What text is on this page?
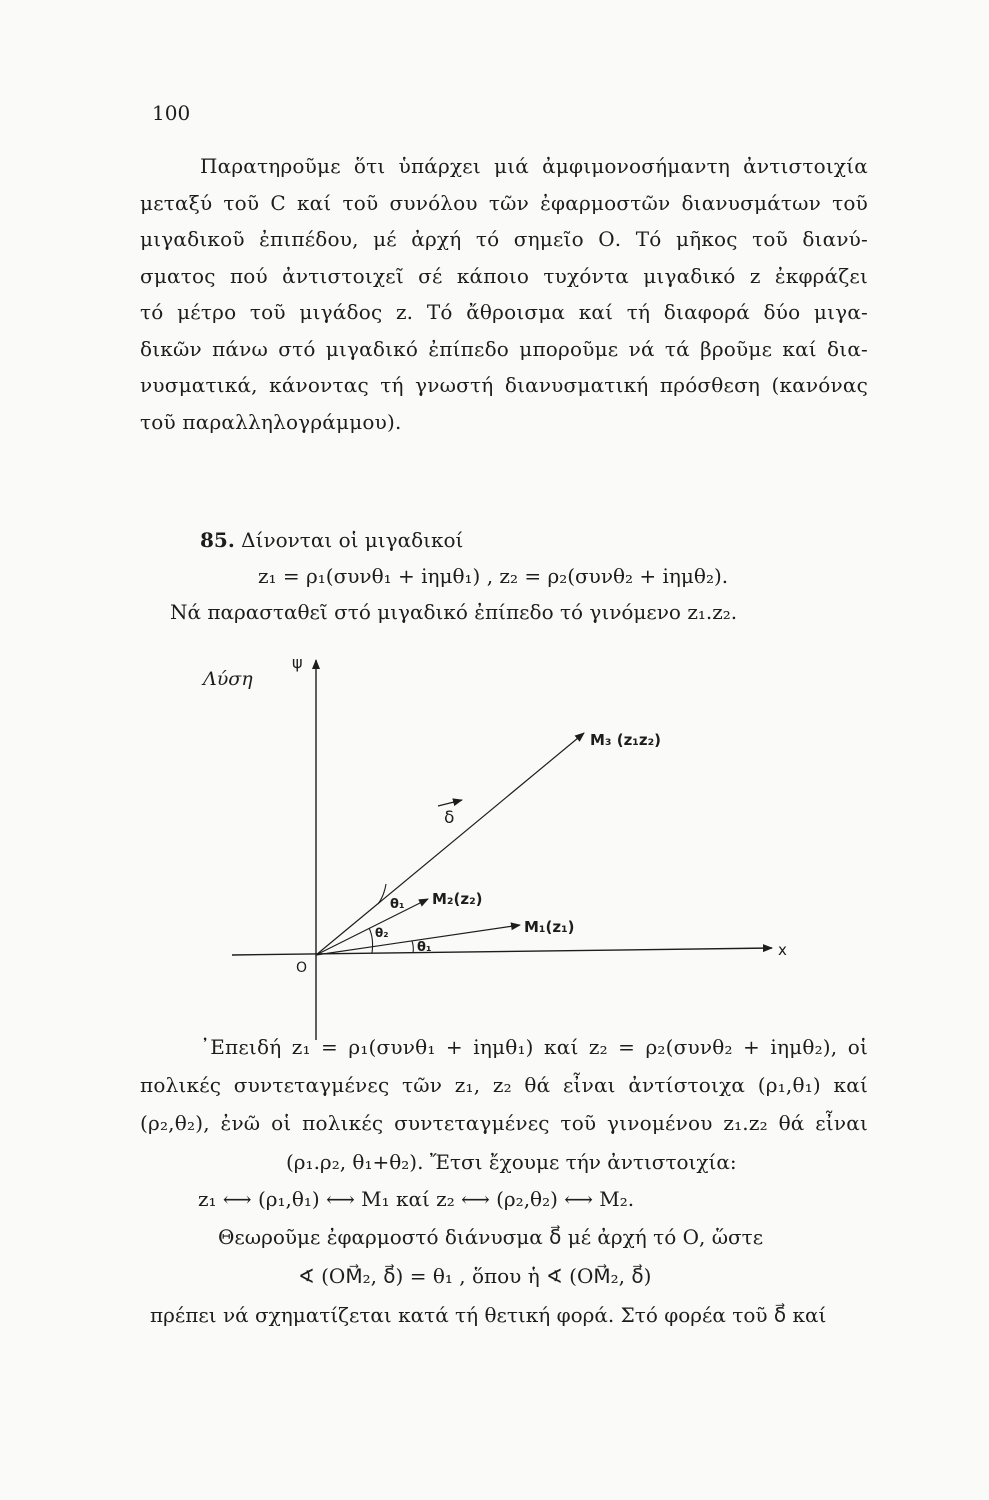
100
Παρατηροῦμε ὅτι ὑπάρχει μιά ἀμφιμονοσήμαντη ἀντιστοιχία
μεταξύ τοῦ C καί τοῦ συνόλου τῶν ἐφαρμοστῶν διανυσμάτων τοῦ
μιγαδικοῦ ἐπιπέδου, μέ ἀρχή τό σημεῖο Ο. Τό μῆκος τοῦ διανύ-
σματος πού ἀντιστοιχεῖ σέ κάποιο τυχόντα μιγαδικό z ἐκφράζει
τό μέτρο τοῦ μιγάδος z. Τό ἄθροισμα καί τή διαφορά δύο μιγα-
δικῶν πάνω στό μιγαδικό ἐπίπεδο μποροῦμε νά τά βροῦμε καί δια-
νυσματικά, κάνοντας τή γνωστή διανυσματική πρόσθεση (κανόνας
τοῦ παραλληλογράμμου).
85. Δίνονται οἱ μιγαδικοί
z₁ = ρ₁(συνθ₁ + iημθ₁) , z₂ = ρ₂(συνθ₂ + iημθ₂).
Νά παρασταθεῖ στό μιγαδικό ἐπίπεδο τό γινόμενο z₁.z₂.
Λύση
ψ
x
Ο
M₃ (z₁z₂)
M₂(z₂)
M₁(z₁)
δ
θ₁
θ₂
θ₁
᾿Επειδή z₁ = ρ₁(συνθ₁ + iημθ₁) καί z₂ = ρ₂(συνθ₂ + iημθ₂), οἱ
πολικές συντεταγμένες τῶν z₁, z₂ θά εἶναι ἀντίστοιχα (ρ₁,θ₁) καί
(ρ₂,θ₂), ἐνῶ οἱ πολικές συντεταγμένες τοῦ γινομένου z₁.z₂ θά εἶναι
(ρ₁.ρ₂, θ₁+θ₂). Ἔτσι ἔχουμε τήν ἀντιστοιχία:
z₁ ⟷ (ρ₁,θ₁) ⟷ M₁ καί z₂ ⟷ (ρ₂,θ₂) ⟷ M₂.
Θεωροῦμε ἐφαρμοστό διάνυσμα δ⃗ μέ ἀρχή τό Ο, ὥστε
∢ (OM⃗₂, δ⃗) = θ₁ , ὅπου ἡ ∢ (OM⃗₂, δ⃗)
πρέπει νά σχηματίζεται κατά τή θετική φορά. Στό φορέα τοῦ δ⃗ καί
